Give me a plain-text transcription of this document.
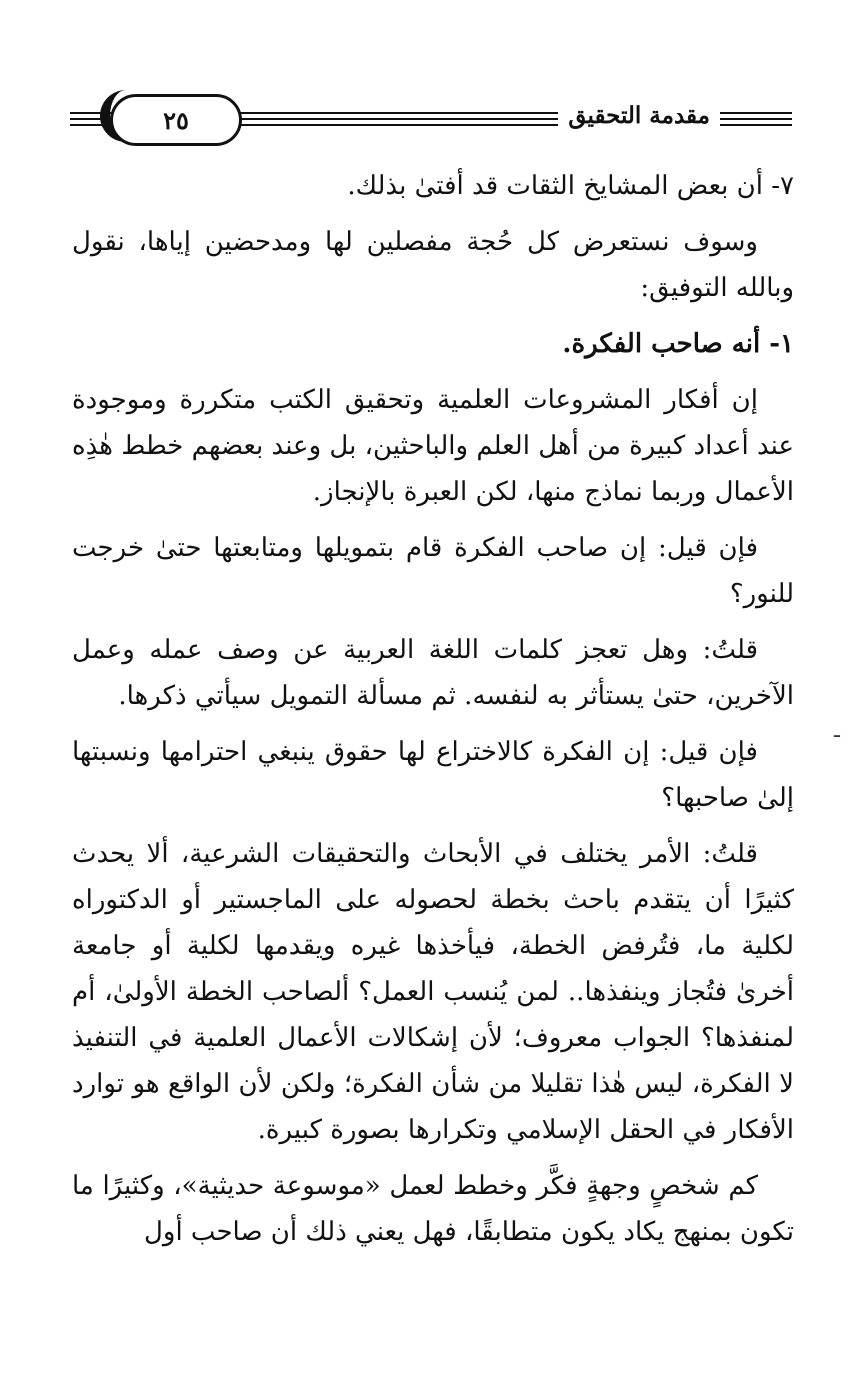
٢٥	مقدمة التحقيق

٧- أن بعض المشايخ الثقات قد أفتىٰ بذلك.

وسوف نستعرض كل حُجة مفصلين لها ومدحضين إياها، نقول وبالله التوفيق:

١- أنه صاحب الفكرة.

إن أفكار المشروعات العلمية وتحقيق الكتب متكررة وموجودة عند أعداد كبيرة من أهل العلم والباحثين، بل وعند بعضهم خطط هٰذِه الأعمال وربما نماذج منها، لكن العبرة بالإنجاز.

فإن قيل: إن صاحب الفكرة قام بتمويلها ومتابعتها حتىٰ خرجت للنور؟

قلتُ: وهل تعجز كلمات اللغة العربية عن وصف عمله وعمل الآخرين، حتىٰ يستأثر به لنفسه. ثم مسألة التمويل سيأتي ذكرها.

فإن قيل: إن الفكرة كالاختراع لها حقوق ينبغي احترامها ونسبتها إلىٰ صاحبها؟

قلتُ: الأمر يختلف في الأبحاث والتحقيقات الشرعية، ألا يحدث كثيرًا أن يتقدم باحث بخطة لحصوله على الماجستير أو الدكتوراه لكلية ما، فتُرفض الخطة، فيأخذها غيره ويقدمها لكلية أو جامعة أخرىٰ فتُجاز وينفذها.. لمن يُنسب العمل؟ ألصاحب الخطة الأولىٰ، أم لمنفذها؟ الجواب معروف؛ لأن إشكالات الأعمال العلمية في التنفيذ لا الفكرة، ليس هٰذا تقليلا من شأن الفكرة؛ ولكن لأن الواقع هو توارد الأفكار في الحقل الإسلامي وتكرارها بصورة كبيرة.

كم شخصٍ وجهةٍ فكَّر وخطط لعمل «موسوعة حديثية»، وكثيرًا ما تكون بمنهج يكاد يكون متطابقًا، فهل يعني ذلك أن صاحب أول

ـ
